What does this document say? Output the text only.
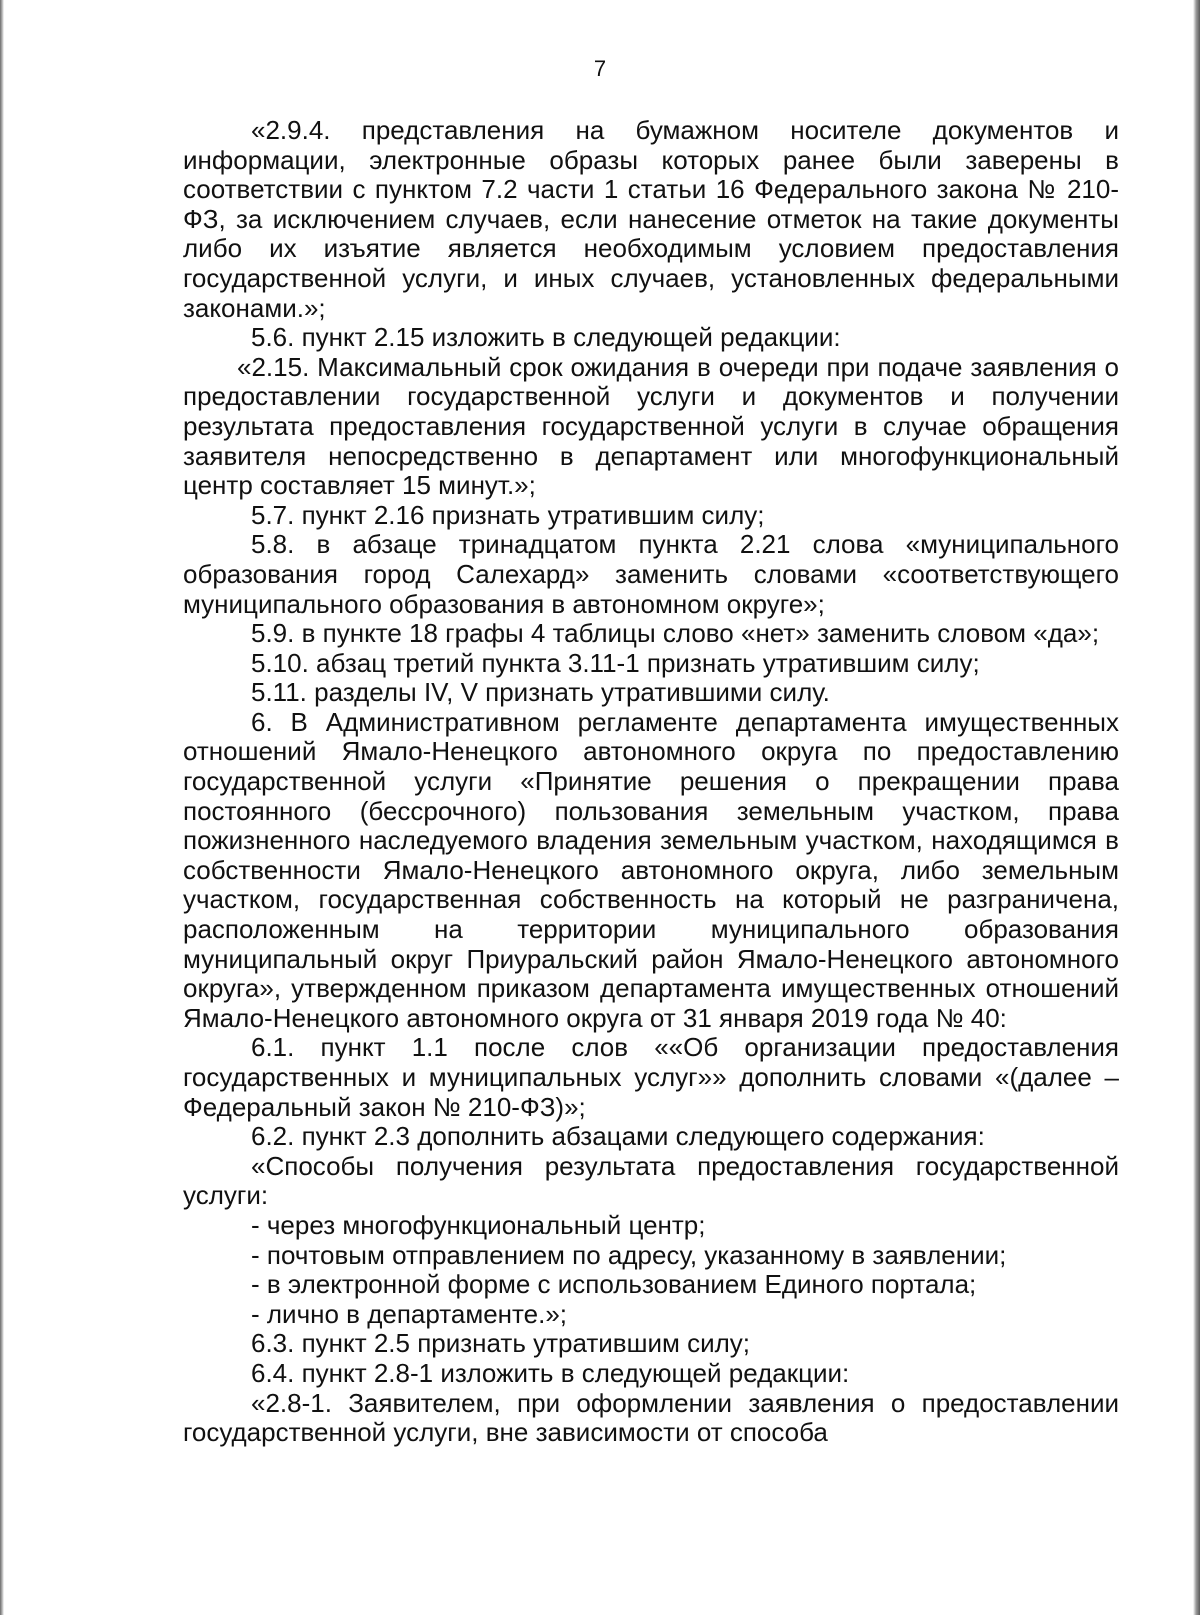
7

«2.9.4. представления на бумажном носителе документов и информации, электронные образы которых ранее были заверены в соответствии с пунктом 7.2 части 1 статьи 16 Федерального закона № 210-ФЗ, за исключением случаев, если нанесение отметок на такие документы либо их изъятие является необходимым условием предоставления государственной услуги, и иных случаев, установленных федеральными законами.»;

5.6. пункт 2.15 изложить в следующей редакции:

«2.15. Максимальный срок ожидания в очереди при подаче заявления о предоставлении государственной услуги и документов и получении результата предоставления государственной услуги в случае обращения заявителя непосредственно в департамент или многофункциональный центр составляет 15 минут.»;

5.7. пункт 2.16 признать утратившим силу;

5.8. в абзаце тринадцатом пункта 2.21 слова «муниципального образования город Салехард» заменить словами «соответствующего муниципального образования в автономном округе»;

5.9. в пункте 18 графы 4 таблицы слово «нет» заменить словом «да»;

5.10. абзац третий пункта 3.11-1 признать утратившим силу;

5.11. разделы IV, V признать утратившими силу.

6. В Административном регламенте департамента имущественных отношений Ямало-Ненецкого автономного округа по предоставлению государственной услуги «Принятие решения о прекращении права постоянного (бессрочного) пользования земельным участком, права пожизненного наследуемого владения земельным участком, находящимся в собственности Ямало-Ненецкого автономного округа, либо земельным участком, государственная собственность на который не разграничена, расположенным на территории муниципального образования муниципальный округ Приуральский район Ямало-Ненецкого автономного округа», утвержденном приказом департамента имущественных отношений Ямало-Ненецкого автономного округа от 31 января 2019 года № 40:

6.1. пункт 1.1 после слов ««Об организации предоставления государственных и муниципальных услуг»» дополнить словами «(далее – Федеральный закон № 210-ФЗ)»;

6.2. пункт 2.3 дополнить абзацами следующего содержания:

«Способы получения результата предоставления государственной услуги:

- через многофункциональный центр;

- почтовым отправлением по адресу, указанному в заявлении;

- в электронной форме с использованием Единого портала;

- лично в департаменте.»;

6.3. пункт 2.5 признать утратившим силу;

6.4. пункт 2.8-1 изложить в следующей редакции:

«2.8-1. Заявителем, при оформлении заявления о предоставлении государственной услуги, вне зависимости от способа
